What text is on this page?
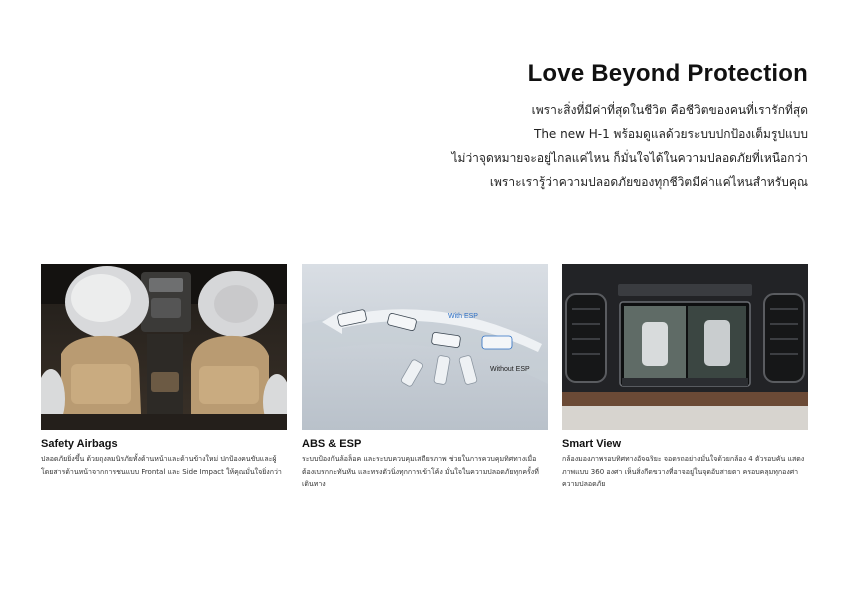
Love Beyond Protection

เพราะสิ่งที่มีค่าที่สุดในชีวิต คือชีวิตของคนที่เรารักที่สุด

The new H-1 พร้อมดูแลด้วยระบบปกป้องเต็มรูปแบบ

ไม่ว่าจุดหมายจะอยู่ไกลแค่ไหน ก็มั่นใจได้ในความปลอดภัยที่เหนือกว่า

เพราะเรารู้ว่าความปลอดภัยของทุกชีวิตมีค่าแค่ไหนสำหรับคุณ

Safety Airbags
ปลอดภัยยิ่งขึ้น ด้วยถุงลมนิรภัยทั้งด้านหน้าและด้านข้างใหม่ ปกป้องคนขับและผู้โดยสารด้านหน้าจากการชนแบบ Frontal และ Side Impact ให้คุณมั่นใจยิ่งกว่า
With ESP
Without ESP
ABS & ESP
ระบบป้องกันล้อล็อค และระบบควบคุมเสถียรภาพ ช่วยในการควบคุมทิศทางเมื่อต้องเบรกกะทันหัน และทรงตัวนิ่งทุกการเข้าโค้ง มั่นใจในความปลอดภัยทุกครั้งที่เดินทาง
Smart View
กล้องมองภาพรอบทิศทางอัจฉริยะ จอดรถอย่างมั่นใจด้วยกล้อง 4 ตัวรอบคัน แสดงภาพแบบ 360 องศา เห็นสิ่งกีดขวางที่อาจอยู่ในจุดอับสายตา ครอบคลุมทุกองศาความปลอดภัย
